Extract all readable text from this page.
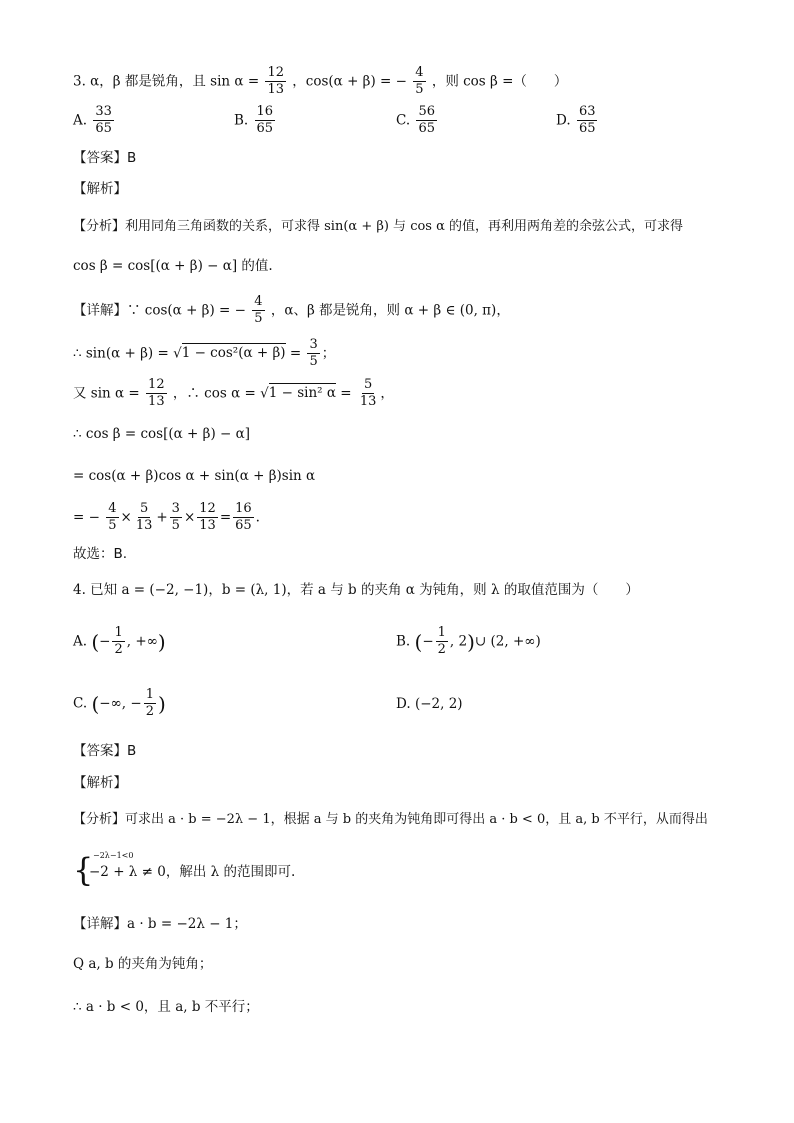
3. α，β 都是锐角，且 $\sin \alpha = \frac{12}{13}$ ，cos(α + β) = − $\frac{4}{5}$ ，则 cos β =（　　）
A. $\frac{33}{65}$	B. $\frac{16}{65}$	C. $\frac{56}{65}$	D. $\frac{63}{65}$
【答案】B
【解析】
【分析】利用同角三角函数的关系，可求得 sin(α + β) 与 cos α 的值，再利用两角差的余弦公式，可求得
cos β = cos[(α + β) − α] 的值.
【详解】∵ cos(α + β) = − $\frac{4}{5}$ ，α、β 都是锐角，则 α + β ∈ (0, π)，
∴ $\sin(\alpha + \beta) = √1 - \cos^2(\alpha + \beta) = \frac{3}{5}$ ；
又 $\sin \alpha = \frac{12}{13}$ ，∴ cos α = √1 − sin² $\alpha = \frac{5}{13}$ ，
∴ cos β = cos[(α + β) − α]
= cos(α + β)cos α + sin(α + β)sin α
= − $\frac{4}{5} \times \frac{5}{13} + \frac{3}{5} \times \frac{12}{13} = \frac{16}{65}$ .
故选：B.
4. 已知 a = (−2, −1)，b = (λ, 1)，若 a 与 b 的夹角 α 为钝角，则 λ 的取值范围为（　　）
A. (− $\frac{1}{2}$ , +∞)	B. (− $\frac{1}{2}$ , 2)∪ (2, +∞)
C. (−∞, − $\frac{1}{2}$ )	D. (−2, 2)
【答案】B
【解析】
【分析】可求出 a · b = −2λ − 1，根据 a 与 b 的夹角为钝角即可得出 a · b < 0，且 a, b 不平行，从而得出
{ −2λ−1<0
−2 + λ ≠ 0，解出 λ 的范围即可.
【详解】a · b = −2λ − 1；
Q a, b 的夹角为钝角；
∴ a · b < 0，且 a, b 不平行；
